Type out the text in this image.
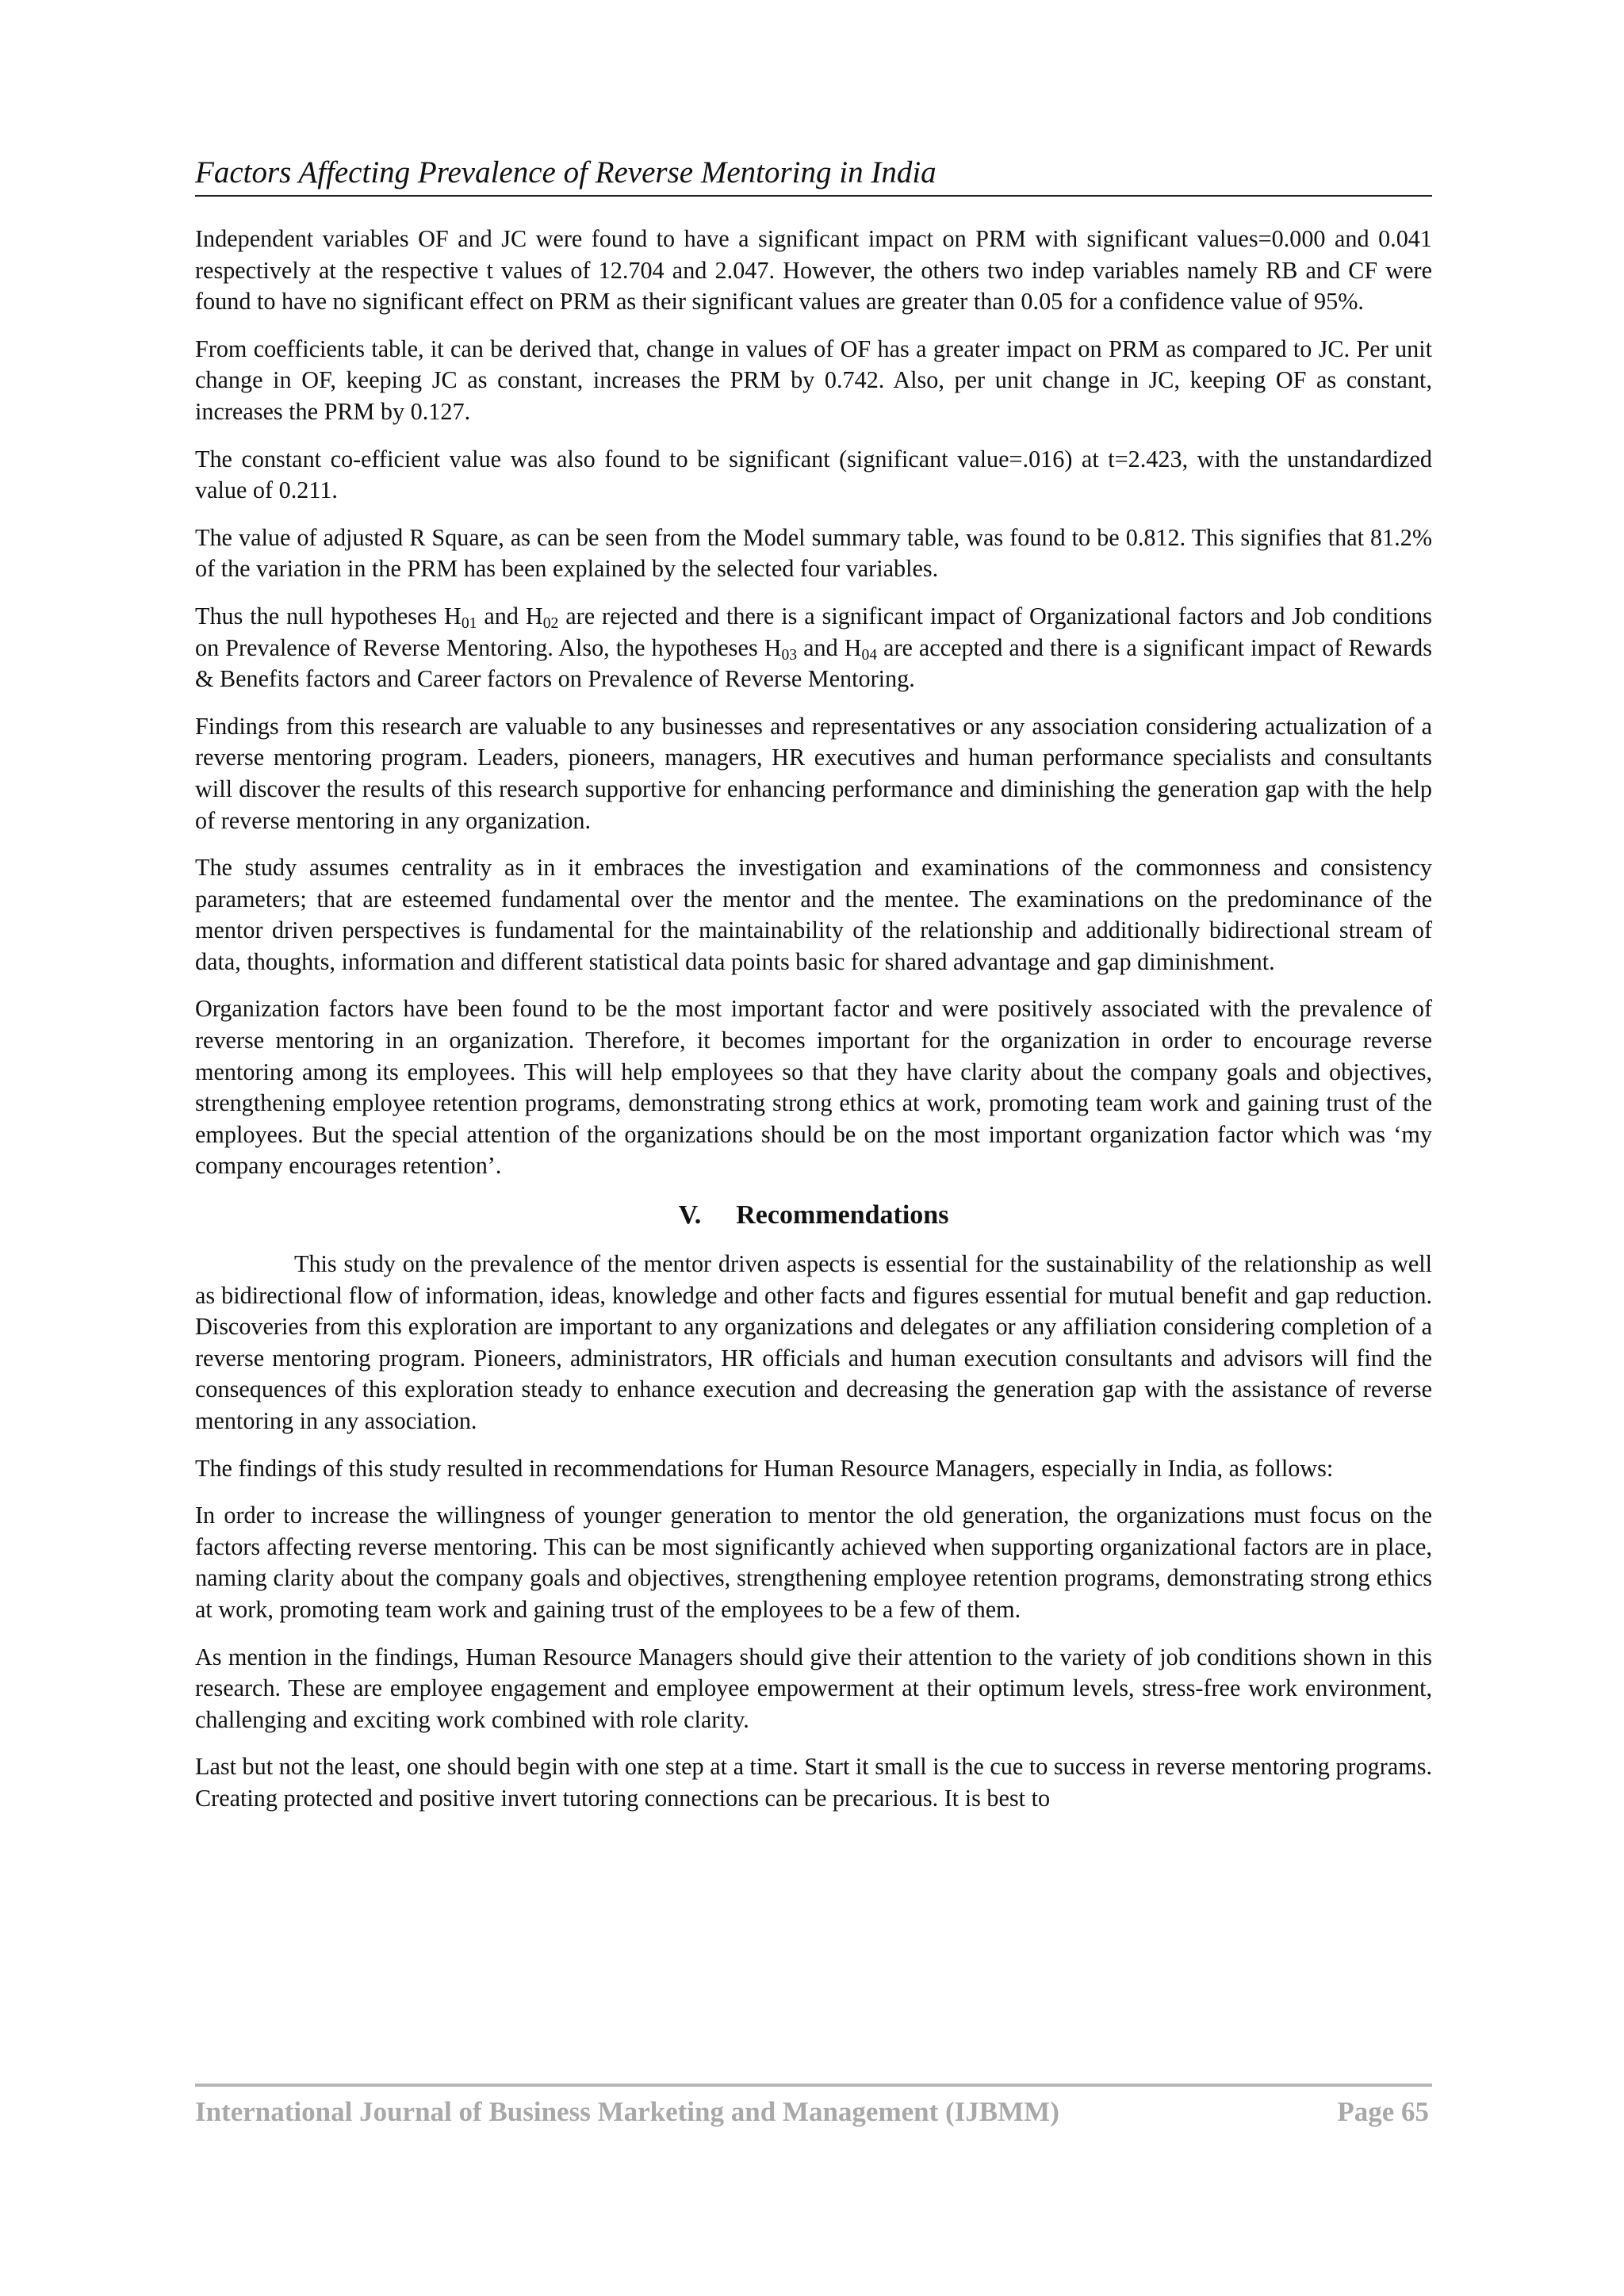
Factors Affecting Prevalence of Reverse Mentoring in India

Independent variables OF and JC were found to have a significant impact on PRM with significant values=0.000 and 0.041 respectively at the respective t values of 12.704 and 2.047. However, the others two indep variables namely RB and CF were found to have no significant effect on PRM as their significant values are greater than 0.05 for a confidence value of 95%.

From coefficients table, it can be derived that, change in values of OF has a greater impact on PRM as compared to JC. Per unit change in OF, keeping JC as constant, increases the PRM by 0.742. Also, per unit change in JC, keeping OF as constant, increases the PRM by 0.127.

The constant co-efficient value was also found to be significant (significant value=.016) at t=2.423, with the unstandardized value of 0.211.

The value of adjusted R Square, as can be seen from the Model summary table, was found to be 0.812. This signifies that 81.2% of the variation in the PRM has been explained by the selected four variables.

Thus the null hypotheses $H_{01}$ and $H_{02}$ are rejected and there is a significant impact of Organizational factors and Job conditions on Prevalence of Reverse Mentoring. Also, the hypotheses $H_{03}$ and $H_{04}$ are accepted and there is a significant impact of Rewards & Benefits factors and Career factors on Prevalence of Reverse Mentoring.

Findings from this research are valuable to any businesses and representatives or any association considering actualization of a reverse mentoring program. Leaders, pioneers, managers, HR executives and human performance specialists and consultants will discover the results of this research supportive for enhancing performance and diminishing the generation gap with the help of reverse mentoring in any organization.

The study assumes centrality as in it embraces the investigation and examinations of the commonness and consistency parameters; that are esteemed fundamental over the mentor and the mentee. The examinations on the predominance of the mentor driven perspectives is fundamental for the maintainability of the relationship and additionally bidirectional stream of data, thoughts, information and different statistical data points basic for shared advantage and gap diminishment.

Organization factors have been found to be the most important factor and were positively associated with the prevalence of reverse mentoring in an organization. Therefore, it becomes important for the organization in order to encourage reverse mentoring among its employees. This will help employees so that they have clarity about the company goals and objectives, strengthening employee retention programs, demonstrating strong ethics at work, promoting team work and gaining trust of the employees. But the special attention of the organizations should be on the most important organization factor which was ‘my company encourages retention’.

V. Recommendations

This study on the prevalence of the mentor driven aspects is essential for the sustainability of the relationship as well as bidirectional flow of information, ideas, knowledge and other facts and figures essential for mutual benefit and gap reduction. Discoveries from this exploration are important to any organizations and delegates or any affiliation considering completion of a reverse mentoring program. Pioneers, administrators, HR officials and human execution consultants and advisors will find the consequences of this exploration steady to enhance execution and decreasing the generation gap with the assistance of reverse mentoring in any association.

The findings of this study resulted in recommendations for Human Resource Managers, especially in India, as follows:

In order to increase the willingness of younger generation to mentor the old generation, the organizations must focus on the factors affecting reverse mentoring. This can be most significantly achieved when supporting organizational factors are in place, naming clarity about the company goals and objectives, strengthening employee retention programs, demonstrating strong ethics at work, promoting team work and gaining trust of the employees to be a few of them.

As mention in the findings, Human Resource Managers should give their attention to the variety of job conditions shown in this research. These are employee engagement and employee empowerment at their optimum levels, stress-free work environment, challenging and exciting work combined with role clarity.

Last but not the least, one should begin with one step at a time. Start it small is the cue to success in reverse mentoring programs. Creating protected and positive invert tutoring connections can be precarious. It is best to

International Journal of Business Marketing and Management (IJBMM)	Page 65
